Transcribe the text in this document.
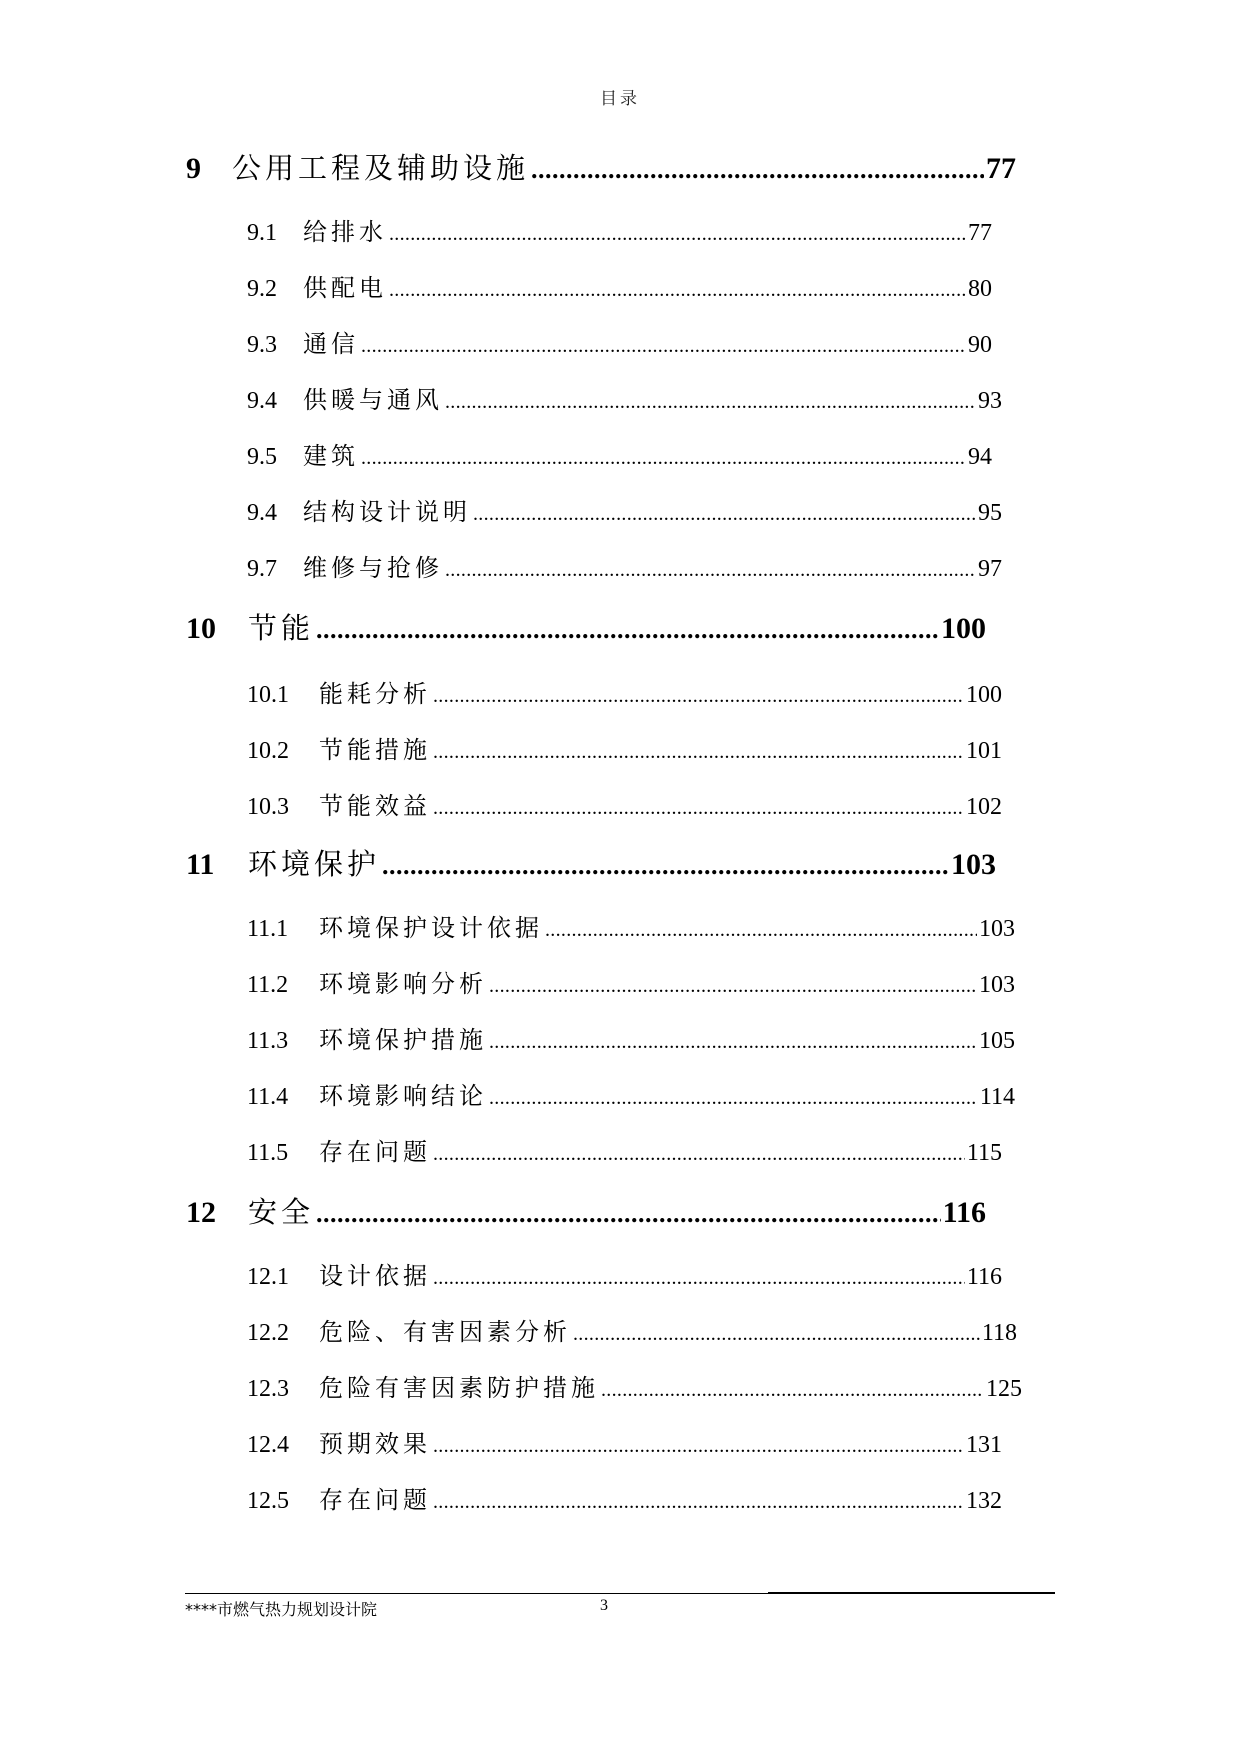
目录
9	公用工程及辅助设施 .....	77
9.1	给排水 .....	77
9.2	供配电 .....	80
9.3	通信 .....	90
9.4	供暖与通风 .....	93
9.5	建筑 .....	94
9.4	结构设计说明 .....	95
9.7	维修与抢修 .....	97
10	节能 .....	100
10.1	能耗分析 .....	100
10.2	节能措施 .....	101
10.3	节能效益 .....	102
11	环境保护 .....	103
11.1	环境保护设计依据 .....	103
11.2	环境影响分析 .....	103
11.3	环境保护措施 .....	105
11.4	环境影响结论 .....	114
11.5	存在问题 .....	115
12	安全 .....	116
12.1	设计依据 .....	116
12.2	危险、有害因素分析 .....	118
12.3	危险有害因素防护措施 .....	125
12.4	预期效果 .....	131
12.5	存在问题 .....	132
****市燃气热力规划设计院	3
